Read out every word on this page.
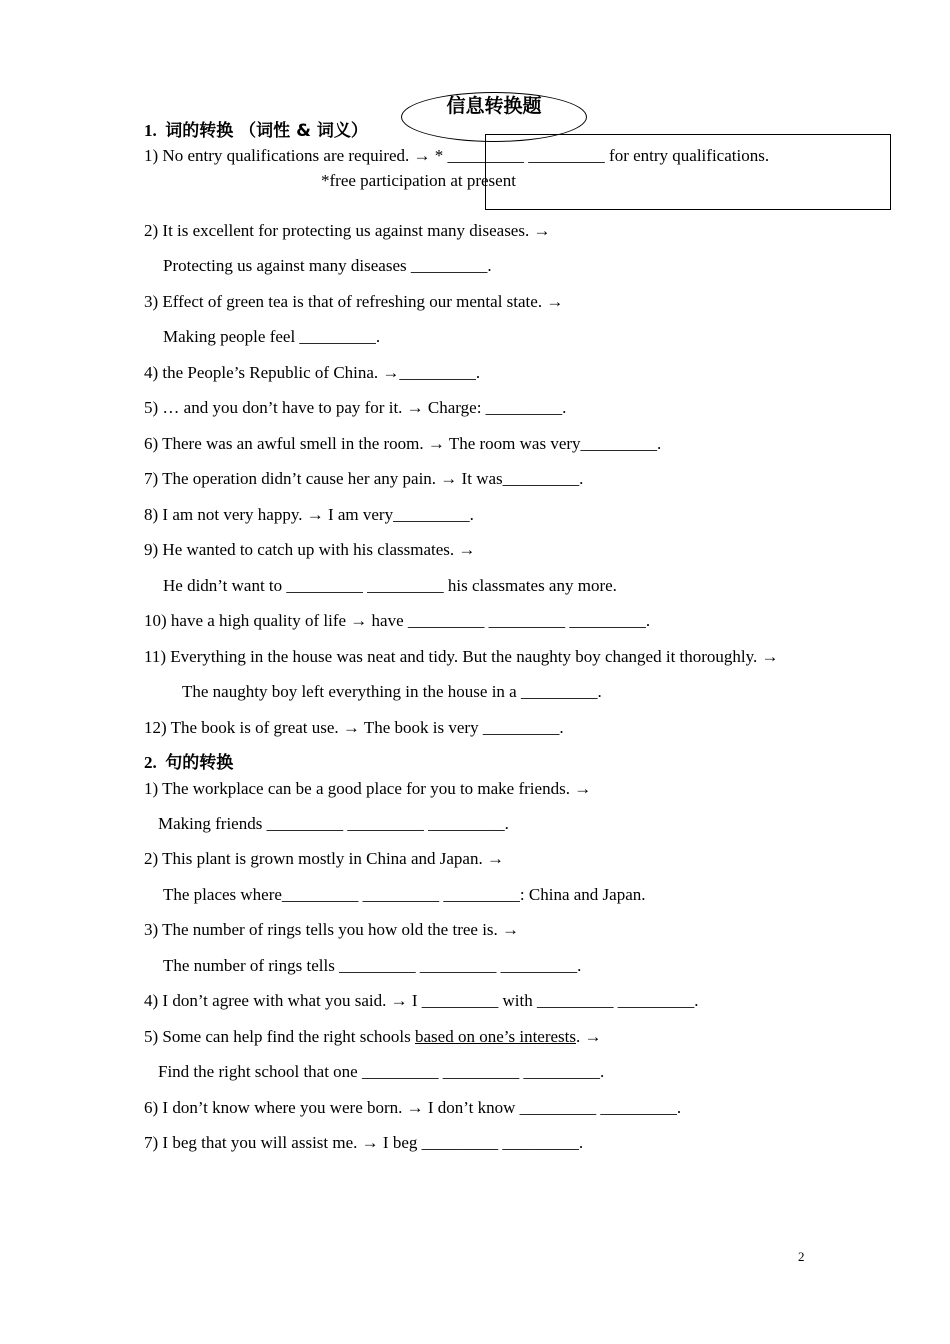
信息转换题
1. 词的转换 （词性 & 词义）
1) No entry qualifications are required. → * _________ _________ for entry qualifications.
*free participation at present
2) It is excellent for protecting us against many diseases. →
Protecting us against many diseases _________.
3) Effect of green tea is that of refreshing our mental state. →
Making people feel _________.
4) the People’s Republic of China. →_________.
5) … and you don’t have to pay for it. → Charge: _________.
6) There was an awful smell in the room. → The room was very_________.
7) The operation didn’t cause her any pain. → It was_________.
8) I am not very happy. → I am very_________.
9) He wanted to catch up with his classmates. →
He didn’t want to _________ _________ his classmates any more.
10) have a high quality of life → have _________ _________ _________.
11) Everything in the house was neat and tidy. But the naughty boy changed it thoroughly. →
The naughty boy left everything in the house in a _________.
12) The book is of great use. → The book is very _________.
2. 句的转换
1) The workplace can be a good place for you to make friends. →
Making friends _________ _________ _________.
2) This plant is grown mostly in China and Japan. →
The places where_________ _________ _________: China and Japan.
3) The number of rings tells you how old the tree is. →
The number of rings tells _________ _________ _________.
4) I don’t agree with what you said. → I _________ with _________ _________.
5) Some can help find the right schools based on one’s interests. →
Find the right school that one _________ _________ _________.
6) I don’t know where you were born. → I don’t know _________ _________.
7) I beg that you will assist me. → I beg _________ _________.
2
